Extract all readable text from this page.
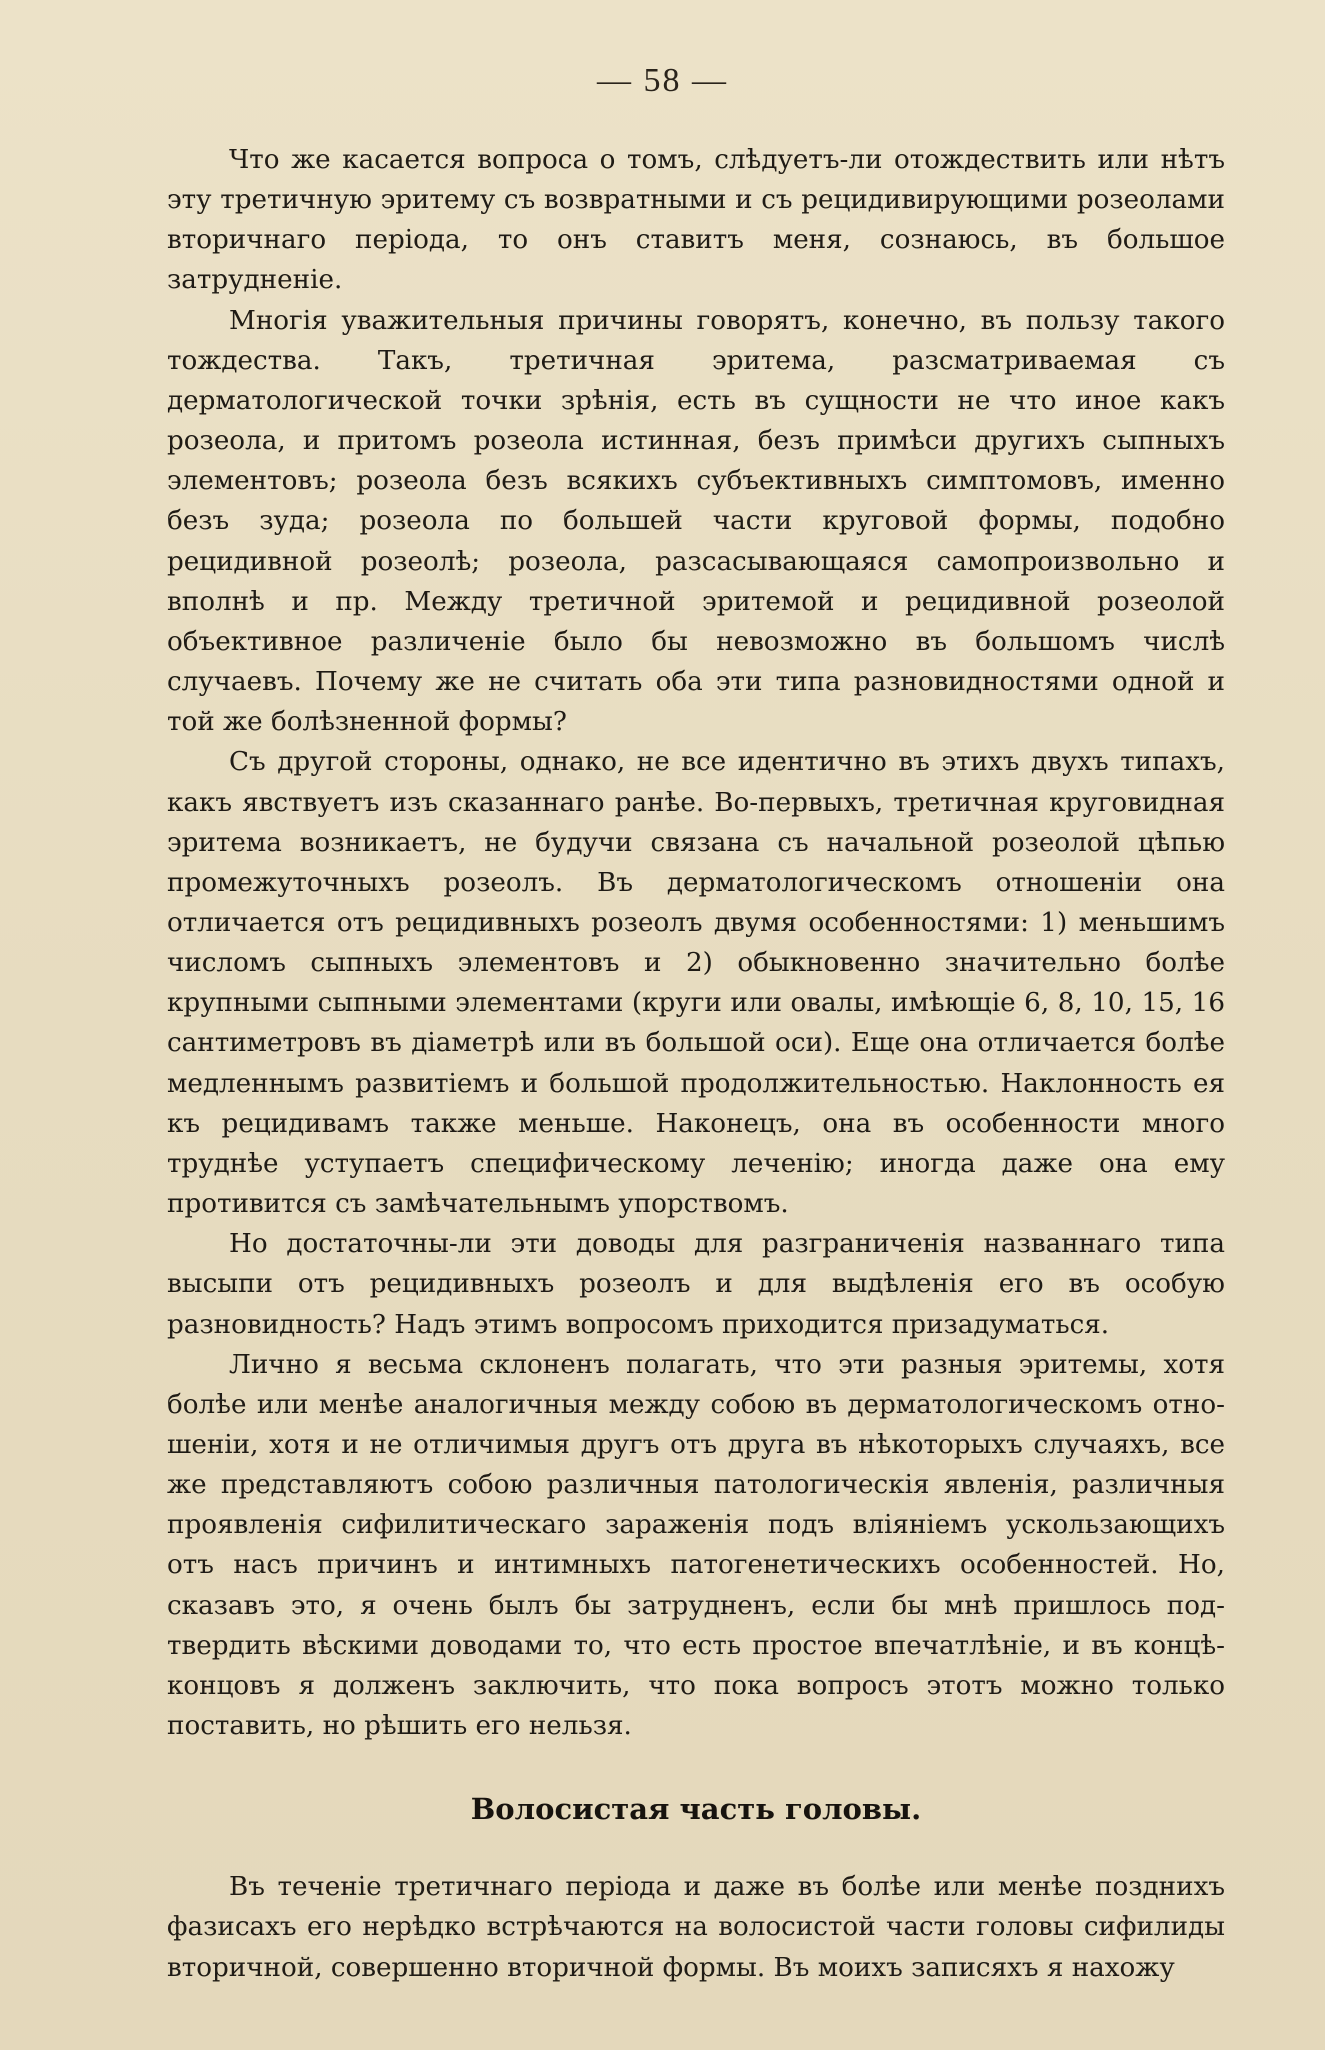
— 58 —

Что же касается вопроса о томъ, слѣдуетъ-ли отождествить или нѣтъ эту третичную эритему съ возвратными и съ рецидивирующими розеолами вторичнаго періода, то онъ ставитъ меня, сознаюсь, въ большое затрудненіе.

Многія уважительныя причины говорятъ, конечно, въ пользу такого тождества. Такъ, третичная эритема, разсматриваемая съ дерматологической точки зрѣнія, есть въ сущности не что иное какъ розеола, и притомъ розеола истинная, безъ примѣси другихъ сыпныхъ элементовъ; розеола безъ всякихъ субъективныхъ симптомовъ, именно безъ зуда; розеола по большей части круговой формы, подобно рецидивной розеолѣ; розеола, разсасывающаяся самопроизвольно и вполнѣ и пр. Между третичной эритемой и рецидивной розеолой объективное различеніе было бы невозможно въ большомъ числѣ случаевъ. Почему же не считать оба эти типа разновидностями одной и той же болѣзненной формы?

Съ другой стороны, однако, не все идентично въ этихъ двухъ типахъ, какъ явствуетъ изъ сказаннаго ранѣе. Во-первыхъ, третичная круговидная эритема возникаетъ, не будучи связана съ начальной розеолой цѣпью промежуточныхъ розеолъ. Въ дерматологическомъ отношеніи она отличается отъ рецидивныхъ розеолъ двумя особенностями: 1) меньшимъ числомъ сыпныхъ элементовъ и 2) обыкновенно значительно болѣе крупными сыпными элементами (круги или овалы, имѣющіе 6, 8, 10, 15, 16 сантиметровъ въ діаметрѣ или въ большой оси). Еще она отличается болѣе медленнымъ развитіемъ и большой продолжительностью. Наклонность ея къ рецидивамъ также меньше. Наконецъ, она въ особенности много труднѣе уступаетъ специфическому леченію; иногда даже она ему противится съ замѣчательнымъ упорствомъ.

Но достаточны-ли эти доводы для разграниченія названнаго типа высыпи отъ рецидивныхъ розеолъ и для выдѣленія его въ особую разновидность? Надъ этимъ вопросомъ приходится призадуматься.

Лично я весьма склоненъ полагать, что эти разныя эритемы, хотя болѣе или менѣе аналогичныя между собою въ дерматологическомъ отношеніи, хотя и не отличимыя другъ отъ друга въ нѣкоторыхъ случаяхъ, все же представляютъ собою различныя патологическія явленія, различныя проявленія сифилитическаго зараженія подъ вліяніемъ ускользающихъ отъ насъ причинъ и интимныхъ патогенетическихъ особенностей. Но, сказавъ это, я очень былъ бы затрудненъ, если бы мнѣ пришлось подтвердить вѣскими доводами то, что есть простое впечатлѣніе, и въ концѣ-концовъ я долженъ заключить, что пока вопросъ этотъ можно только поставить, но рѣшить его нельзя.

Волосистая часть головы.

Въ теченіе третичнаго періода и даже въ болѣе или менѣе позднихъ фазисахъ его нерѣдко встрѣчаются на волосистой части головы сифилиды вторичной, совершенно вторичной формы. Въ моихъ записяхъ я нахожу
